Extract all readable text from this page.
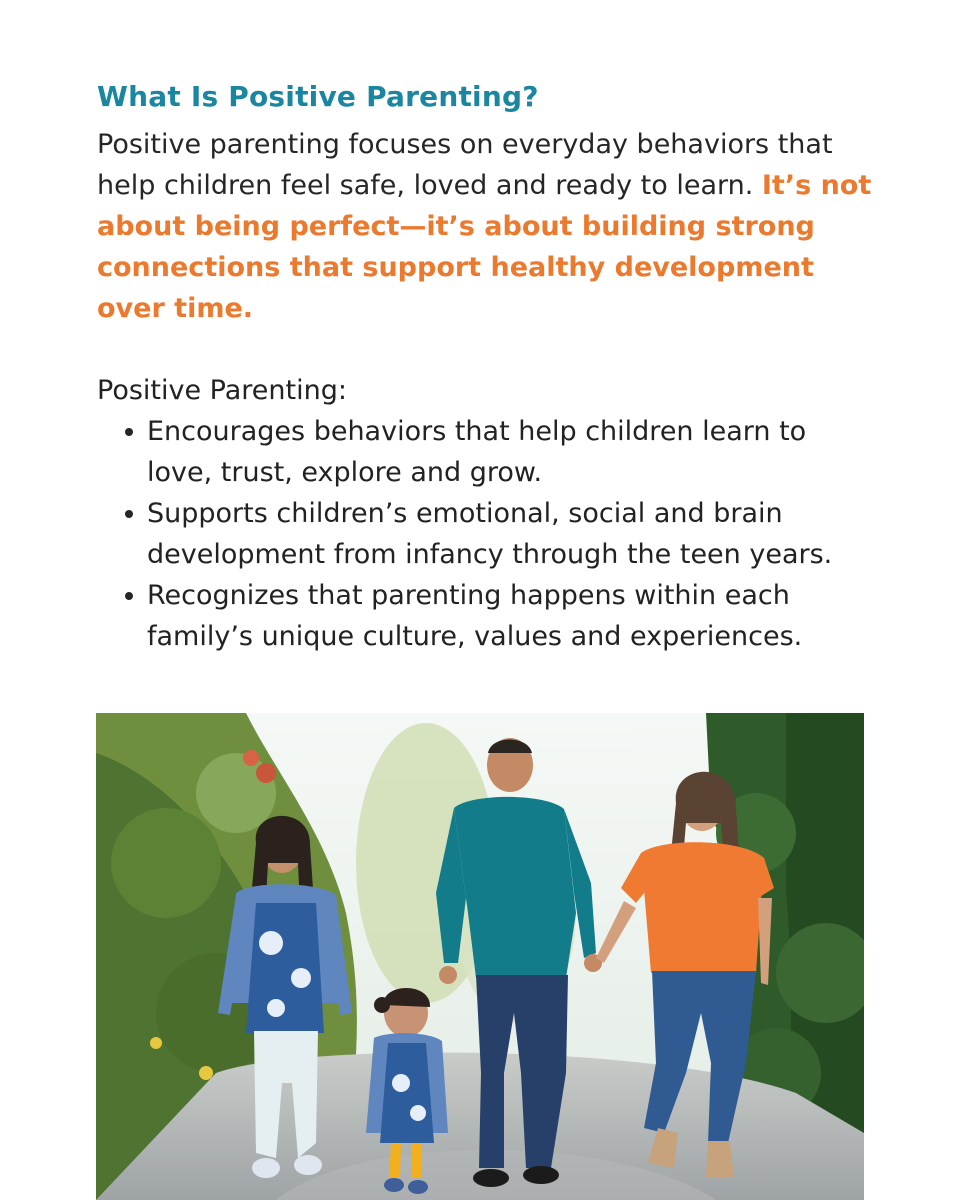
What Is Positive Parenting?

Positive parenting focuses on everyday behaviors that help children feel safe, loved and ready to learn. It’s not about being perfect—it’s about building strong connections that support healthy development over time.

Positive Parenting:

Encourages behaviors that help children learn to love, trust, explore and grow.
Supports children’s emotional, social and brain development from infancy through the teen years.
Recognizes that parenting happens within each family’s unique culture, values and experiences.
